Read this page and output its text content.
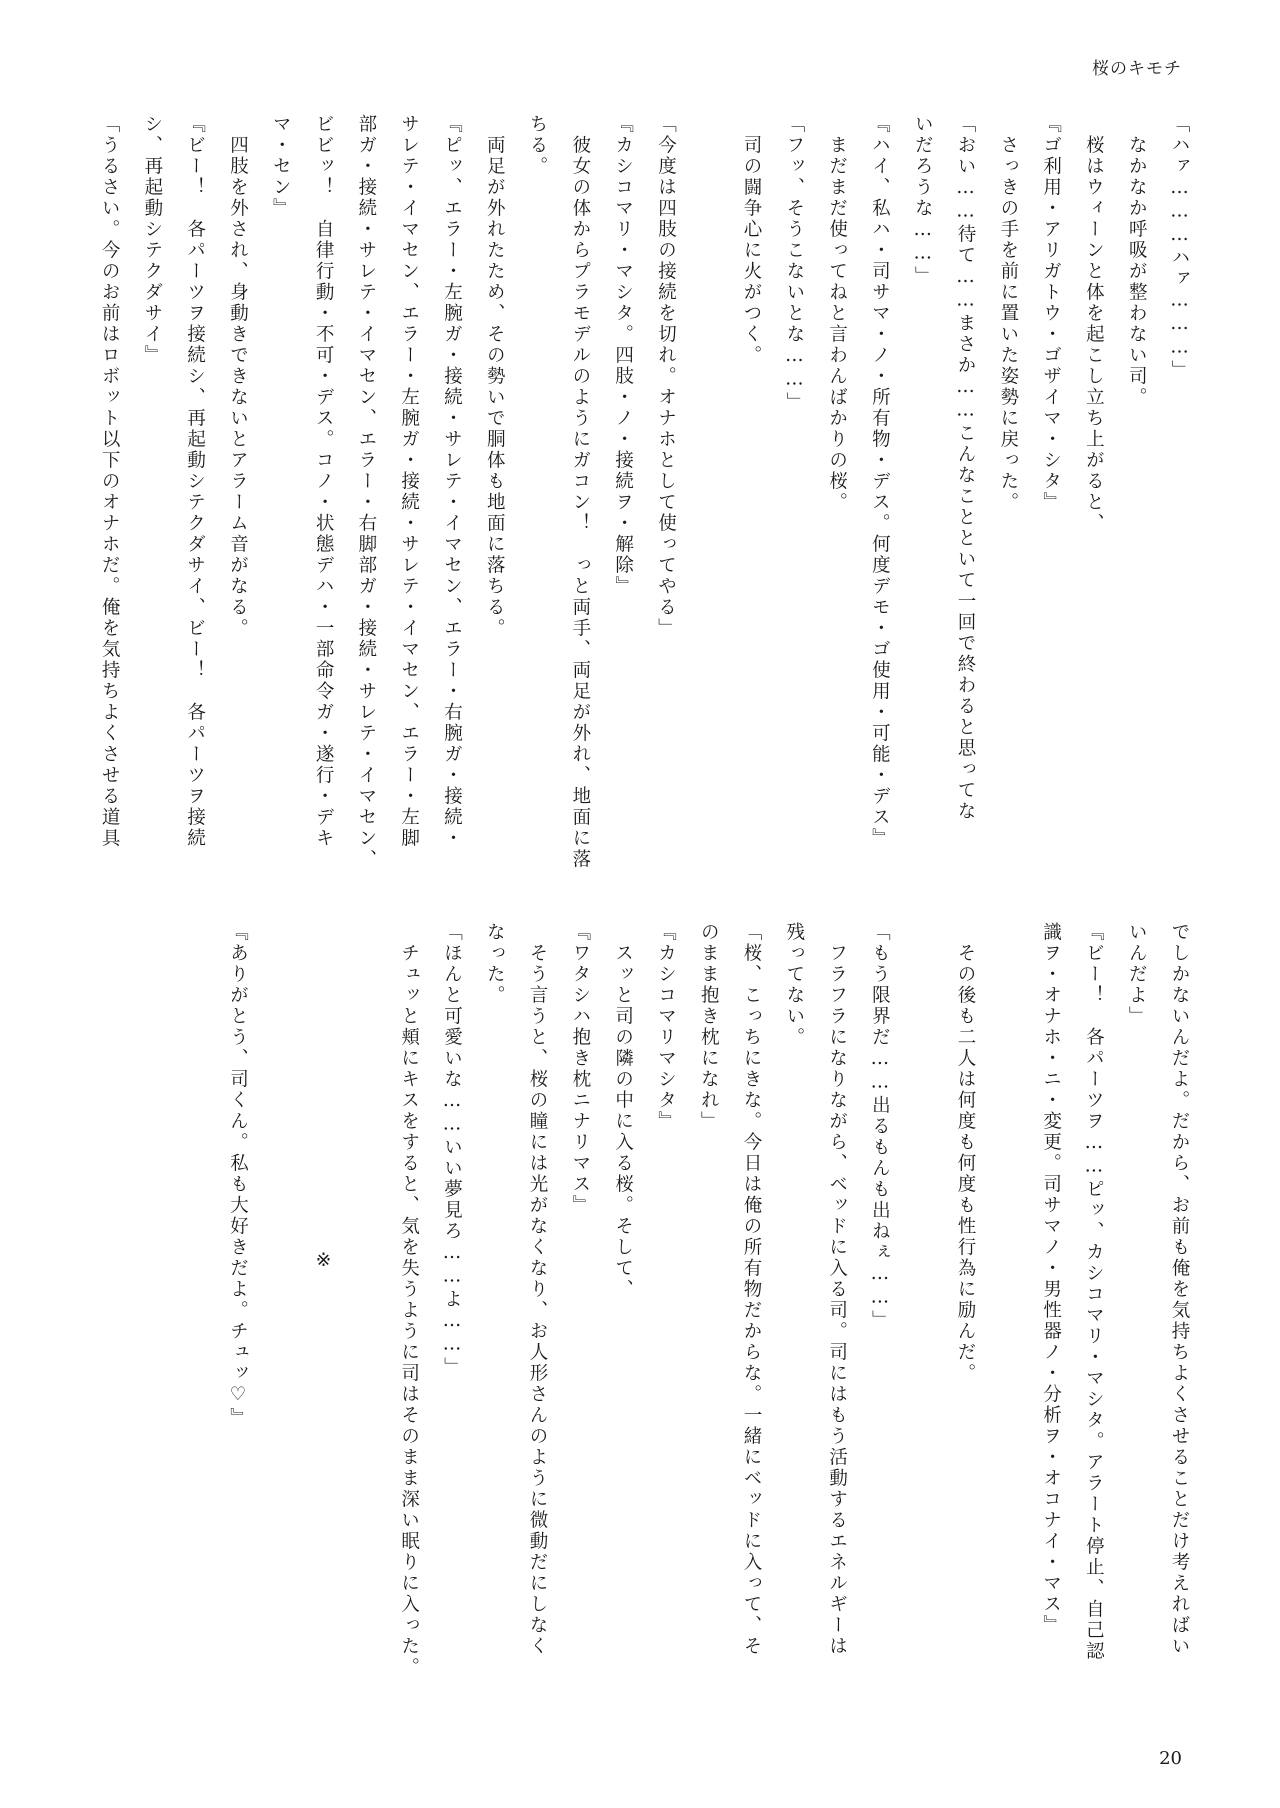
桜のキモチ
「ハァ………ハァ………」
　なかなか呼吸が整わない司。
　桜はウィーンと体を起こし立ち上がると、
『ゴ利用・アリガトウ・ゴザイマ・シタ』
　さっきの手を前に置いた姿勢に戻った。
「おい……待て……まさか……こんなことといて一回で終わると思ってな
いだろうな……」
『ハイ、私ハ・司サマ・ノ・所有物・デス。何度デモ・ゴ使用・可能・デス』
　まだまだ使ってねと言わんばかりの桜。
「フッ、そうこないとな……」
　司の闘争心に火がつく。
「今度は四肢の接続を切れ。オナホとして使ってやる」
『カシコマリ・マシタ。四肢・ノ・接続ヲ・解除』
　彼女の体からプラモデルのようにガコン！　っと両手、両足が外れ、地面に落
ちる。
　両足が外れたため、その勢いで胴体も地面に落ちる。
『ピッ、エラー・左腕ガ・接続・サレテ・イマセン、エラー・右腕ガ・接続・
サレテ・イマセン、エラー・左腕ガ・接続・サレテ・イマセン、エラー・左脚
部ガ・接続・サレテ・イマセン、エラー・右脚部ガ・接続・サレテ・イマセン、
ビビッ！　自律行動・不可・デス。コノ・状態デハ・一部命令ガ・遂行・デキ
マ・セン』
　四肢を外され、身動きできないとアラーム音がなる。
『ビー！　各パーツヲ接続シ、再起動シテクダサイ、ビー！　各パーツヲ接続
シ、再起動シテクダサイ』
「うるさい。今のお前はロボット以下のオナホだ。俺を気持ちよくさせる道具
でしかないんだよ。だから、お前も俺を気持ちよくさせることだけ考えればい
いんだよ」
『ビー！　各パーツヲ……ピッ、カシコマリ・マシタ。アラート停止、自己認
識ヲ・オナホ・ニ・変更。司サマノ・男性器ノ・分析ヲ・オコナイ・マス』
　その後も二人は何度も何度も性行為に励んだ。
「もう限界だ……出るもんも出ねぇ……」
　フラフラになりながら、ベッドに入る司。司にはもう活動するエネルギーは
残ってない。
「桜、こっちにきな。今日は俺の所有物だからな。一緒にベッドに入って、そ
のまま抱き枕になれ」
『カシコマリマシタ』
　スッと司の隣の中に入る桜。そして、
『ワタシハ抱き枕ニナリマス』
　そう言うと、桜の瞳には光がなくなり、お人形さんのように微動だにしなく
なった。
「ほんと可愛いな……いい夢見ろ……よ……」
　チュッと頬にキスをすると、気を失うように司はそのまま深い眠りに入った。
※
『ありがとう、司くん。私も大好きだよ。チュッ♡』
20
